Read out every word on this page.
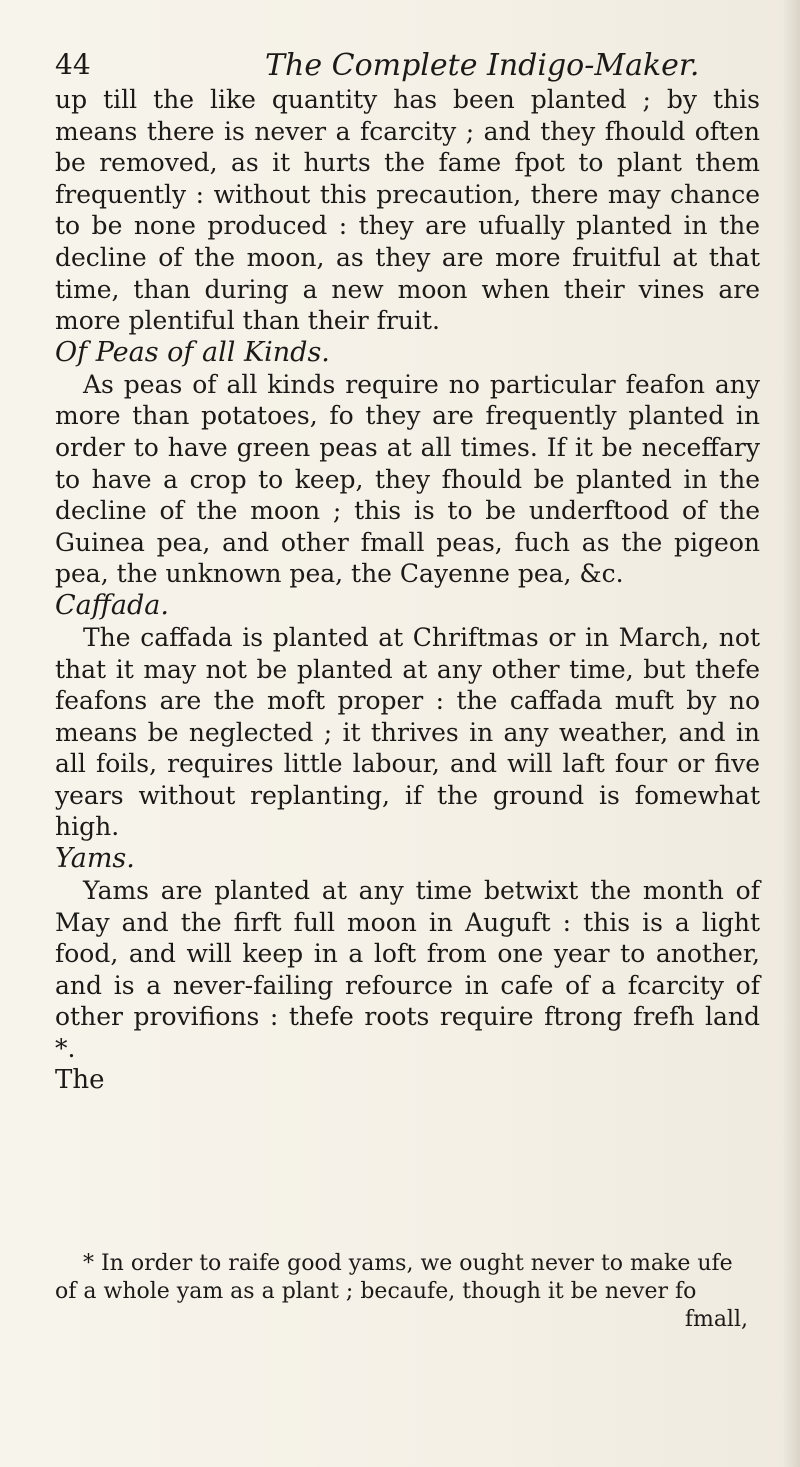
44	The Complete Indigo-Maker.

up till the like quantity has been planted ; by this means there is never a fcarcity ; and they fhould often be removed, as it hurts the fame fpot to plant them frequently : without this precaution, there may chance to be none produced : they are ufually planted in the decline of the moon, as they are more fruitful at that time, than during a new moon when their vines are more plentiful than their fruit.

Of Peas of all Kinds.

As peas of all kinds require no particular feafon any more than potatoes, fo they are frequently planted in order to have green peas at all times. If it be neceffary to have a crop to keep, they fhould be planted in the decline of the moon ; this is to be underftood of the Guinea pea, and other fmall peas, fuch as the pigeon pea, the unknown pea, the Cayenne pea, &c.

Caffada.

The caffada is planted at Chriftmas or in March, not that it may not be planted at any other time, but thefe feafons are the moft proper : the caffada muft by no means be neglected ; it thrives in any weather, and in all foils, requires little labour, and will laft four or five years without replanting, if the ground is fomewhat high.

Yams.

Yams are planted at any time betwixt the month of May and the firft full moon in Auguft : this is a light food, and will keep in a loft from one year to another, and is a never-failing refource in cafe of a fcarcity of other provifions : thefe roots require ftrong frefh land *.

The

* In order to raife good yams, we ought never to make ufe of a whole yam as a plant ; becaufe, though it be never fo

fmall,
